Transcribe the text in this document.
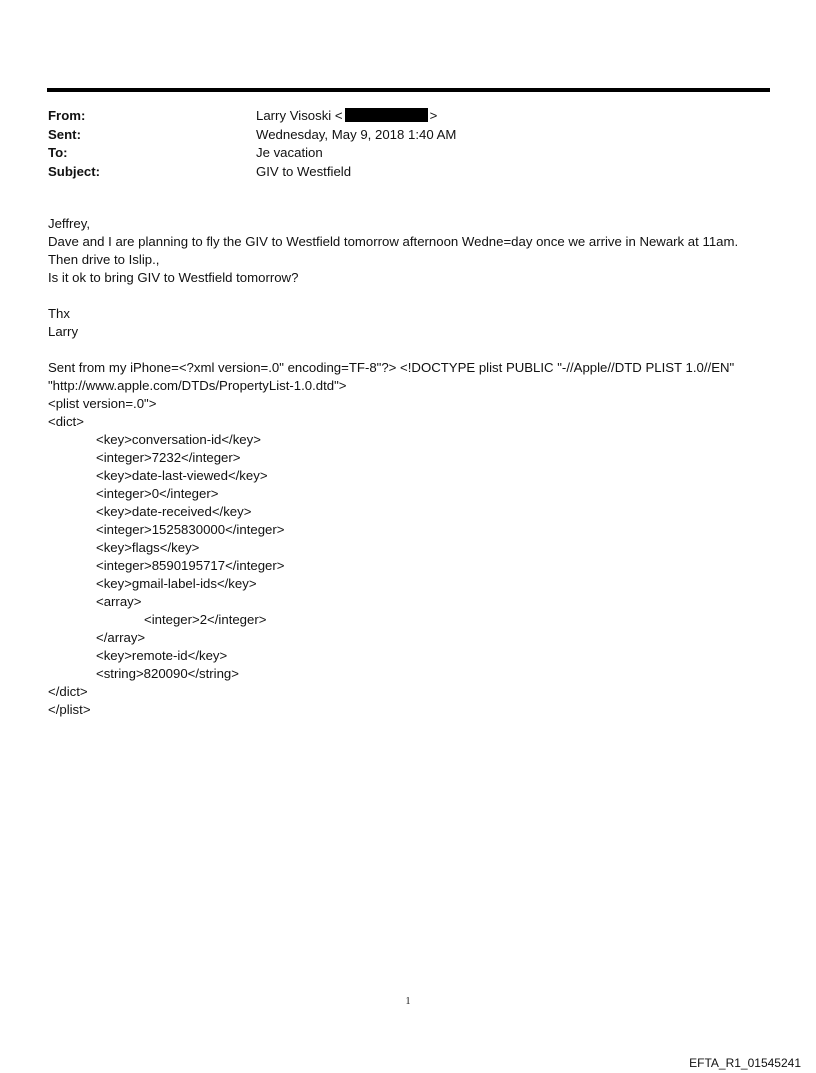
From:	Larry Visoski <	>
Sent:	Wednesday, May 9, 2018 1:40 AM
To:	Je vacation
Subject:	GIV to Westfield
Jeffrey,
Dave and I are planning to fly the GIV to Westfield tomorrow afternoon Wedne=day once we arrive in Newark at 11am.
Then drive to Islip.,
Is it ok to bring GIV to Westfield tomorrow?
Thx
Larry
Sent from my iPhone=<?xml version=.0" encoding=TF-8"?> <!DOCTYPE plist PUBLIC "-//Apple//DTD PLIST 1.0//EN"
"http://www.apple.com/DTDs/PropertyList-1.0.dtd">
<plist version=.0">
<dict>
<key>conversation-id</key>
<integer>7232</integer>
<key>date-last-viewed</key>
<integer>0</integer>
<key>date-received</key>
<integer>1525830000</integer>
<key>flags</key>
<integer>8590195717</integer>
<key>gmail-label-ids</key>
<array>
<integer>2</integer>
</array>
<key>remote-id</key>
<string>820090</string>
</dict>
</plist>
1
EFTA_R1_01545241
